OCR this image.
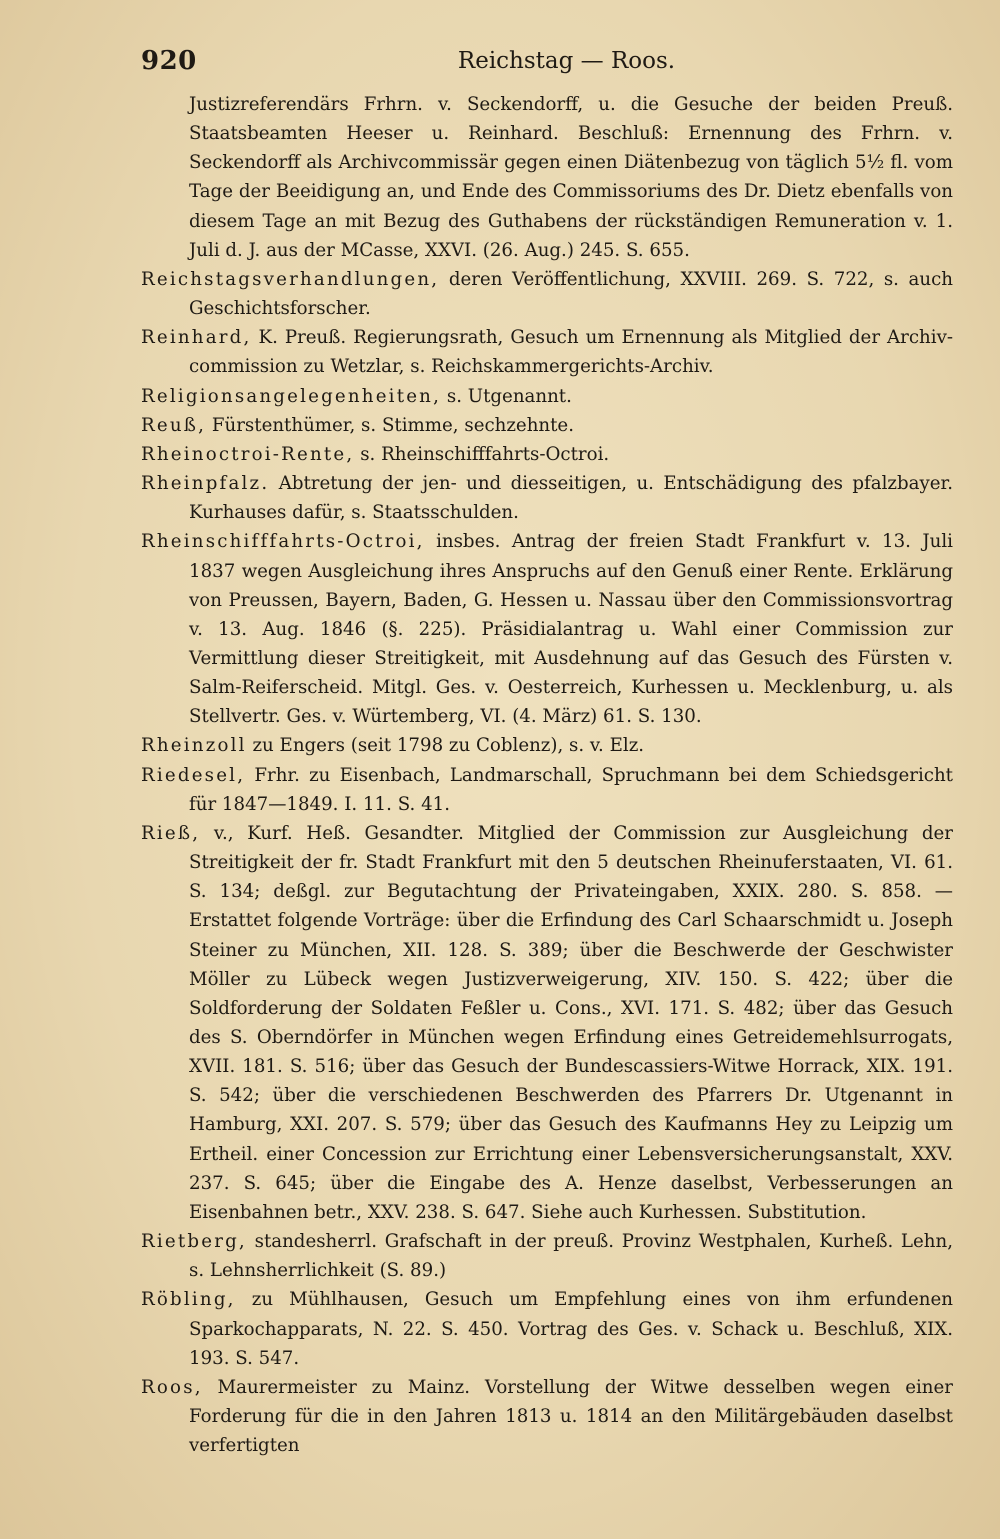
920	Reichstag — Roos.

Justizreferendärs Frhrn. v. Seckendorff, u. die Gesuche der beiden Preuß. Staatsbeamten Heeser u. Reinhard. Beschluß: Ernennung des Frhrn. v. Seckendorff als Archivcommissär gegen einen Diätenbezug von täglich 5½ fl. vom Tage der Beeidigung an, und Ende des Commissoriums des Dr. Dietz ebenfalls von diesem Tage an mit Bezug des Guthabens der rückständigen Remuneration v. 1. Juli d. J. aus der MCasse, XXVI. (26. Aug.) 245. S. 655.

Reichstagsverhandlungen, deren Veröffentlichung, XXVIII. 269. S. 722, s. auch Geschichtsforscher.

Reinhard, K. Preuß. Regierungsrath, Gesuch um Ernennung als Mitglied der Archiv-commission zu Wetzlar, s. Reichskammergerichts-Archiv.

Religionsangelegenheiten, s. Utgenannt.

Reuß, Fürstenthümer, s. Stimme, sechzehnte.

Rheinoctroi-Rente, s. Rheinschifffahrts-Octroi.

Rheinpfalz. Abtretung der jen- und diesseitigen, u. Entschädigung des pfalzbayer. Kurhauses dafür, s. Staatsschulden.

Rheinschifffahrts-Octroi, insbes. Antrag der freien Stadt Frankfurt v. 13. Juli 1837 wegen Ausgleichung ihres Anspruchs auf den Genuß einer Rente. Erklärung von Preussen, Bayern, Baden, G. Hessen u. Nassau über den Commissionsvortrag v. 13. Aug. 1846 (§. 225). Präsidialantrag u. Wahl einer Commission zur Vermittlung dieser Streitigkeit, mit Ausdehnung auf das Gesuch des Fürsten v. Salm-Reiferscheid. Mitgl. Ges. v. Oesterreich, Kurhessen u. Mecklenburg, u. als Stellvertr. Ges. v. Würtemberg, VI. (4. März) 61. S. 130.

Rheinzoll zu Engers (seit 1798 zu Coblenz), s. v. Elz.

Riedesel, Frhr. zu Eisenbach, Landmarschall, Spruchmann bei dem Schiedsgericht für 1847—1849. I. 11. S. 41.

Rieß, v., Kurf. Heß. Gesandter. Mitglied der Commission zur Ausgleichung der Streitigkeit der fr. Stadt Frankfurt mit den 5 deutschen Rheinuferstaaten, VI. 61. S. 134; deßgl. zur Begutachtung der Privateingaben, XXIX. 280. S. 858. — Erstattet folgende Vorträge: über die Erfindung des Carl Schaarschmidt u. Joseph Steiner zu München, XII. 128. S. 389; über die Beschwerde der Geschwister Möller zu Lübeck wegen Justizverweigerung, XIV. 150. S. 422; über die Soldforderung der Soldaten Feßler u. Cons., XVI. 171. S. 482; über das Gesuch des S. Oberndörfer in München wegen Erfindung eines Getreidemehlsurrogats, XVII. 181. S. 516; über das Gesuch der Bundescassiers-Witwe Horrack, XIX. 191. S. 542; über die verschiedenen Beschwerden des Pfarrers Dr. Utgenannt in Hamburg, XXI. 207. S. 579; über das Gesuch des Kaufmanns Hey zu Leipzig um Ertheil. einer Concession zur Errichtung einer Lebensversicherungsanstalt, XXV. 237. S. 645; über die Eingabe des A. Henze daselbst, Verbesserungen an Eisenbahnen betr., XXV. 238. S. 647. Siehe auch Kurhessen. Substitution.

Rietberg, standesherrl. Grafschaft in der preuß. Provinz Westphalen, Kurheß. Lehn, s. Lehnsherrlichkeit (S. 89.)

Röbling, zu Mühlhausen, Gesuch um Empfehlung eines von ihm erfundenen Sparkochapparats, N. 22. S. 450. Vortrag des Ges. v. Schack u. Beschluß, XIX. 193. S. 547.

Roos, Maurermeister zu Mainz. Vorstellung der Witwe desselben wegen einer Forderung für die in den Jahren 1813 u. 1814 an den Militärgebäuden daselbst verfertigten
